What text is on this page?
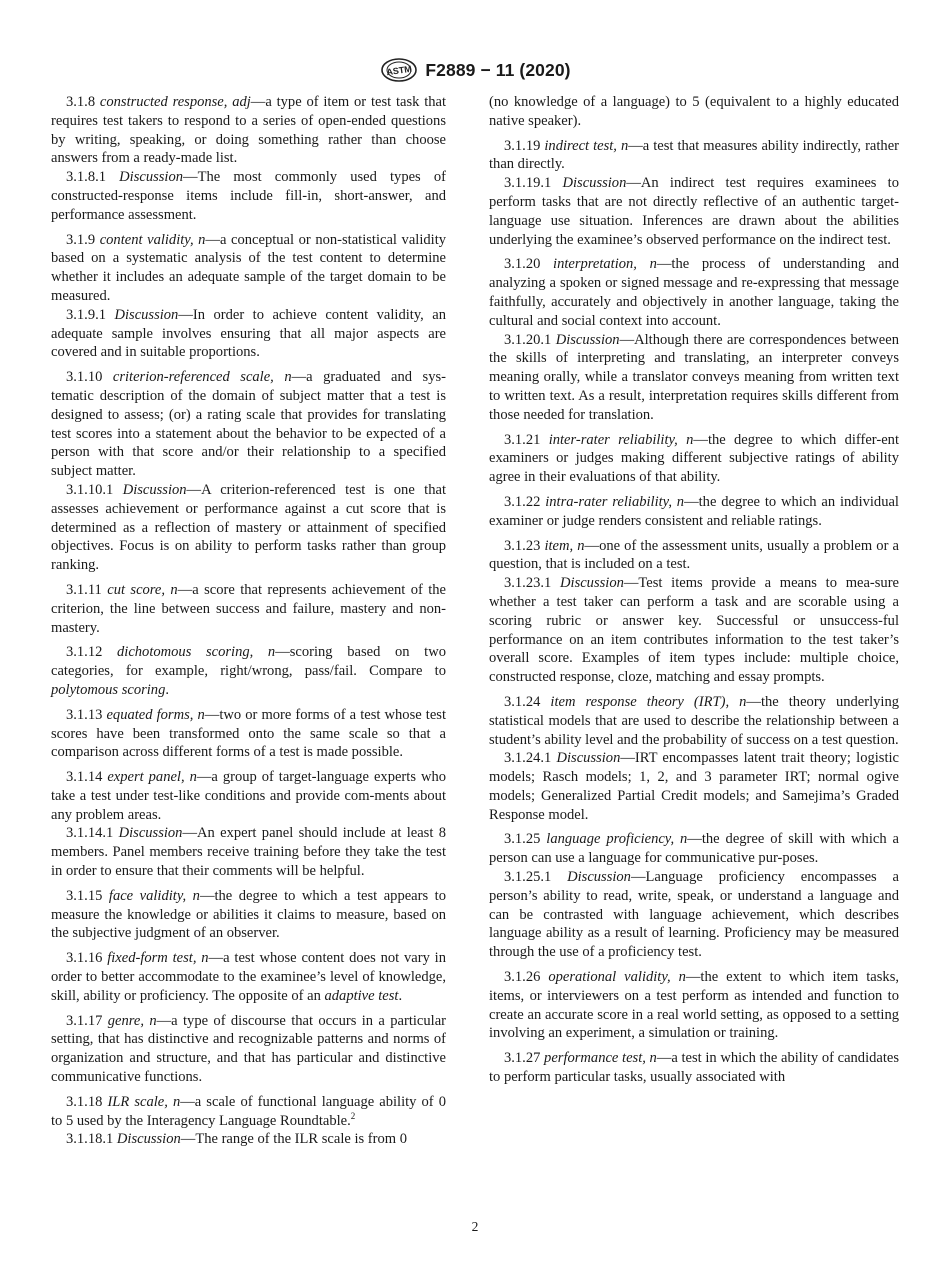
ASTM F2889 − 11 (2020)

3.1.8 constructed response, adj—a type of item or test task that requires test takers to respond to a series of open-ended questions by writing, speaking, or doing something rather than choose answers from a ready-made list.

3.1.8.1 Discussion—The most commonly used types of constructed-response items include fill-in, short-answer, and performance assessment.

3.1.9 content validity, n—a conceptual or non-statistical validity based on a systematic analysis of the test content to determine whether it includes an adequate sample of the target domain to be measured.

3.1.9.1 Discussion—In order to achieve content validity, an adequate sample involves ensuring that all major aspects are covered and in suitable proportions.

3.1.10 criterion-referenced scale, n—a graduated and sys-tematic description of the domain of subject matter that a test is designed to assess; (or) a rating scale that provides for translating test scores into a statement about the behavior to be expected of a person with that score and/or their relationship to a specified subject matter.

3.1.10.1 Discussion—A criterion-referenced test is one that assesses achievement or performance against a cut score that is determined as a reflection of mastery or attainment of specified objectives. Focus is on ability to perform tasks rather than group ranking.

3.1.11 cut score, n—a score that represents achievement of the criterion, the line between success and failure, mastery and non-mastery.

3.1.12 dichotomous scoring, n—scoring based on two categories, for example, right/wrong, pass/fail. Compare to polytomous scoring.

3.1.13 equated forms, n—two or more forms of a test whose test scores have been transformed onto the same scale so that a comparison across different forms of a test is made possible.

3.1.14 expert panel, n—a group of target-language experts who take a test under test-like conditions and provide com-ments about any problem areas.

3.1.14.1 Discussion—An expert panel should include at least 8 members. Panel members receive training before they take the test in order to ensure that their comments will be helpful.

3.1.15 face validity, n—the degree to which a test appears to measure the knowledge or abilities it claims to measure, based on the subjective judgment of an observer.

3.1.16 fixed-form test, n—a test whose content does not vary in order to better accommodate to the examinee’s level of knowledge, skill, ability or proficiency. The opposite of an adaptive test.

3.1.17 genre, n—a type of discourse that occurs in a particular setting, that has distinctive and recognizable patterns and norms of organization and structure, and that has particular and distinctive communicative functions.

3.1.18 ILR scale, n—a scale of functional language ability of 0 to 5 used by the Interagency Language Roundtable.$^2$

3.1.18.1 Discussion—The range of the ILR scale is from 0

(no knowledge of a language) to 5 (equivalent to a highly educated native speaker).

3.1.19 indirect test, n—a test that measures ability indirectly, rather than directly.

3.1.19.1 Discussion—An indirect test requires examinees to perform tasks that are not directly reflective of an authentic target-language use situation. Inferences are drawn about the abilities underlying the examinee’s observed performance on the indirect test.

3.1.20 interpretation, n—the process of understanding and analyzing a spoken or signed message and re-expressing that message faithfully, accurately and objectively in another language, taking the cultural and social context into account.

3.1.20.1 Discussion—Although there are correspondences between the skills of interpreting and translating, an interpreter conveys meaning orally, while a translator conveys meaning from written text to written text. As a result, interpretation requires skills different from those needed for translation.

3.1.21 inter-rater reliability, n—the degree to which differ-ent examiners or judges making different subjective ratings of ability agree in their evaluations of that ability.

3.1.22 intra-rater reliability, n—the degree to which an individual examiner or judge renders consistent and reliable ratings.

3.1.23 item, n—one of the assessment units, usually a problem or a question, that is included on a test.

3.1.23.1 Discussion—Test items provide a means to mea-sure whether a test taker can perform a task and are scorable using a scoring rubric or answer key. Successful or unsuccess-ful performance on an item contributes information to the test taker’s overall score. Examples of item types include: multiple choice, constructed response, cloze, matching and essay prompts.

3.1.24 item response theory (IRT), n—the theory underlying statistical models that are used to describe the relationship between a student’s ability level and the probability of success on a test question.

3.1.24.1 Discussion—IRT encompasses latent trait theory; logistic models; Rasch models; 1, 2, and 3 parameter IRT; normal ogive models; Generalized Partial Credit models; and Samejima’s Graded Response model.

3.1.25 language proficiency, n—the degree of skill with which a person can use a language for communicative pur-poses.

3.1.25.1 Discussion—Language proficiency encompasses a person’s ability to read, write, speak, or understand a language and can be contrasted with language achievement, which describes language ability as a result of learning. Proficiency may be measured through the use of a proficiency test.

3.1.26 operational validity, n—the extent to which item tasks, items, or interviewers on a test perform as intended and function to create an accurate score in a real world setting, as opposed to a setting involving an experiment, a simulation or training.

3.1.27 performance test, n—a test in which the ability of candidates to perform particular tasks, usually associated with

2
